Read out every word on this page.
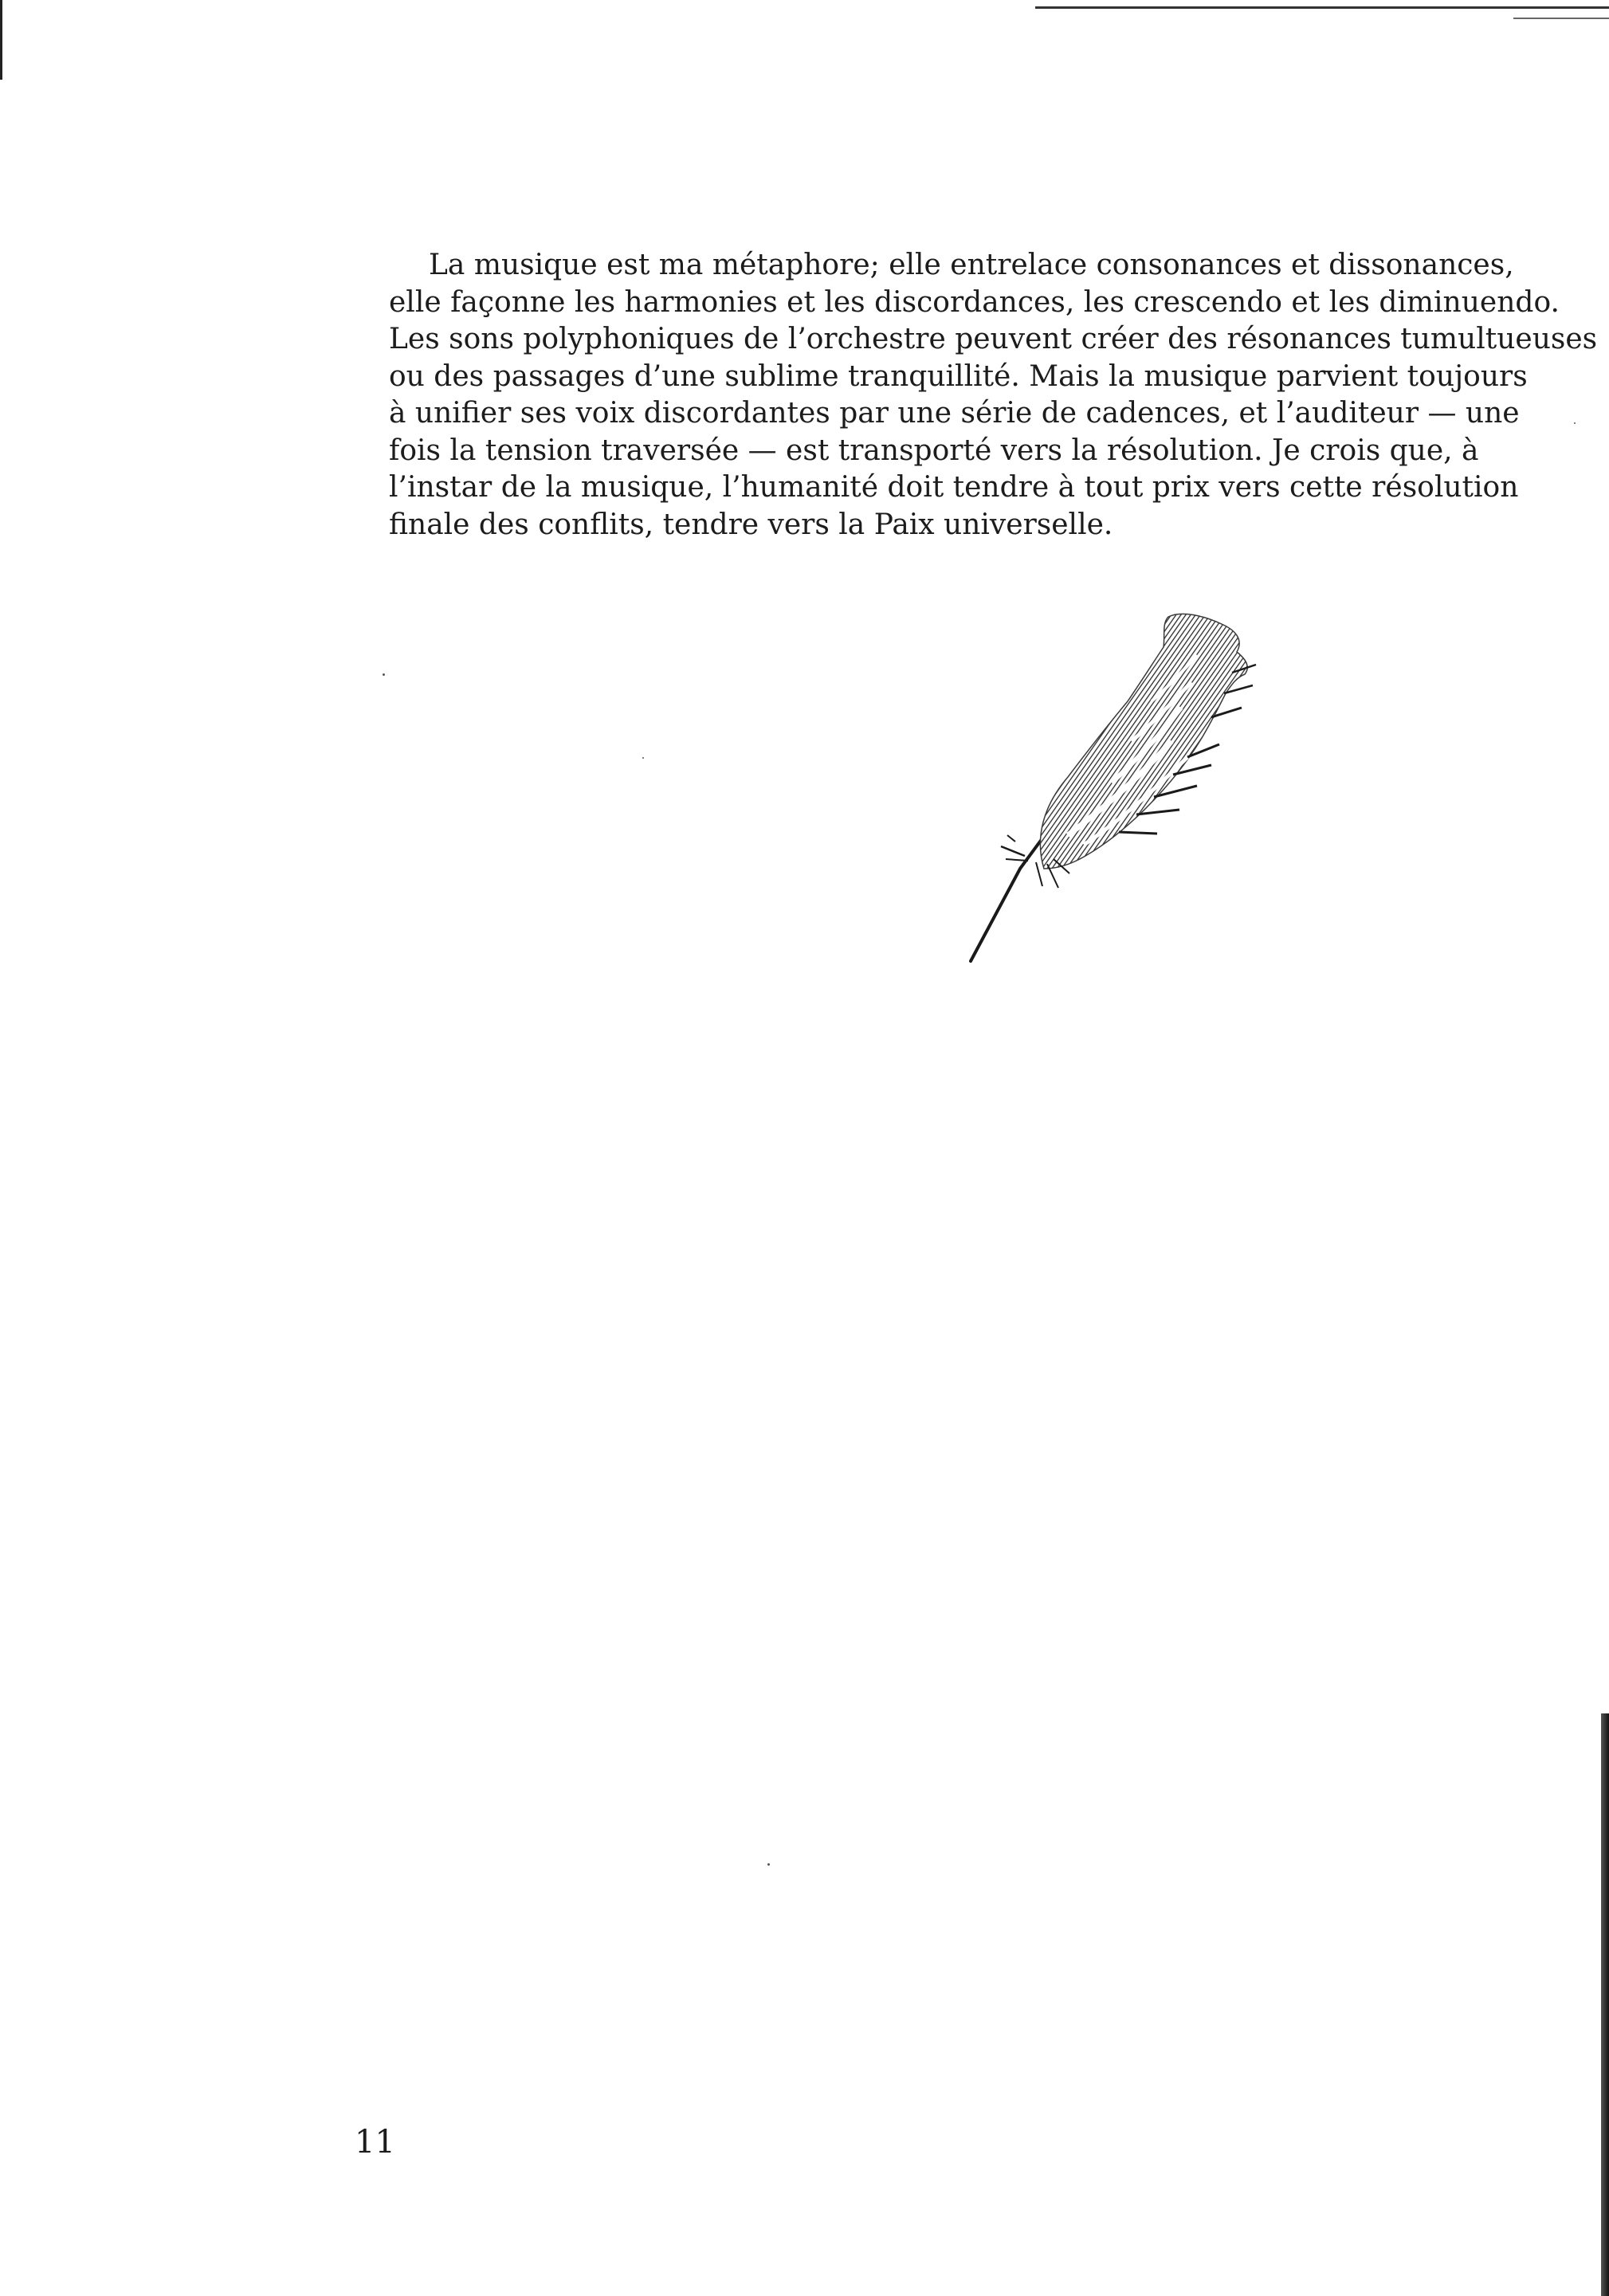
La musique est ma métaphore; elle entrelace consonances et dissonances,
elle façonne les harmonies et les discordances, les crescendo et les diminuendo.
Les sons polyphoniques de l’orchestre peuvent créer des résonances tumultueuses
ou des passages d’une sublime tranquillité. Mais la musique parvient toujours
à unifier ses voix discordantes par une série de cadences, et l’auditeur — une
fois la tension traversée — est transporté vers la résolution. Je crois que, à
l’instar de la musique, l’humanité doit tendre à tout prix vers cette résolution
finale des conflits, tendre vers la Paix universelle.

11
